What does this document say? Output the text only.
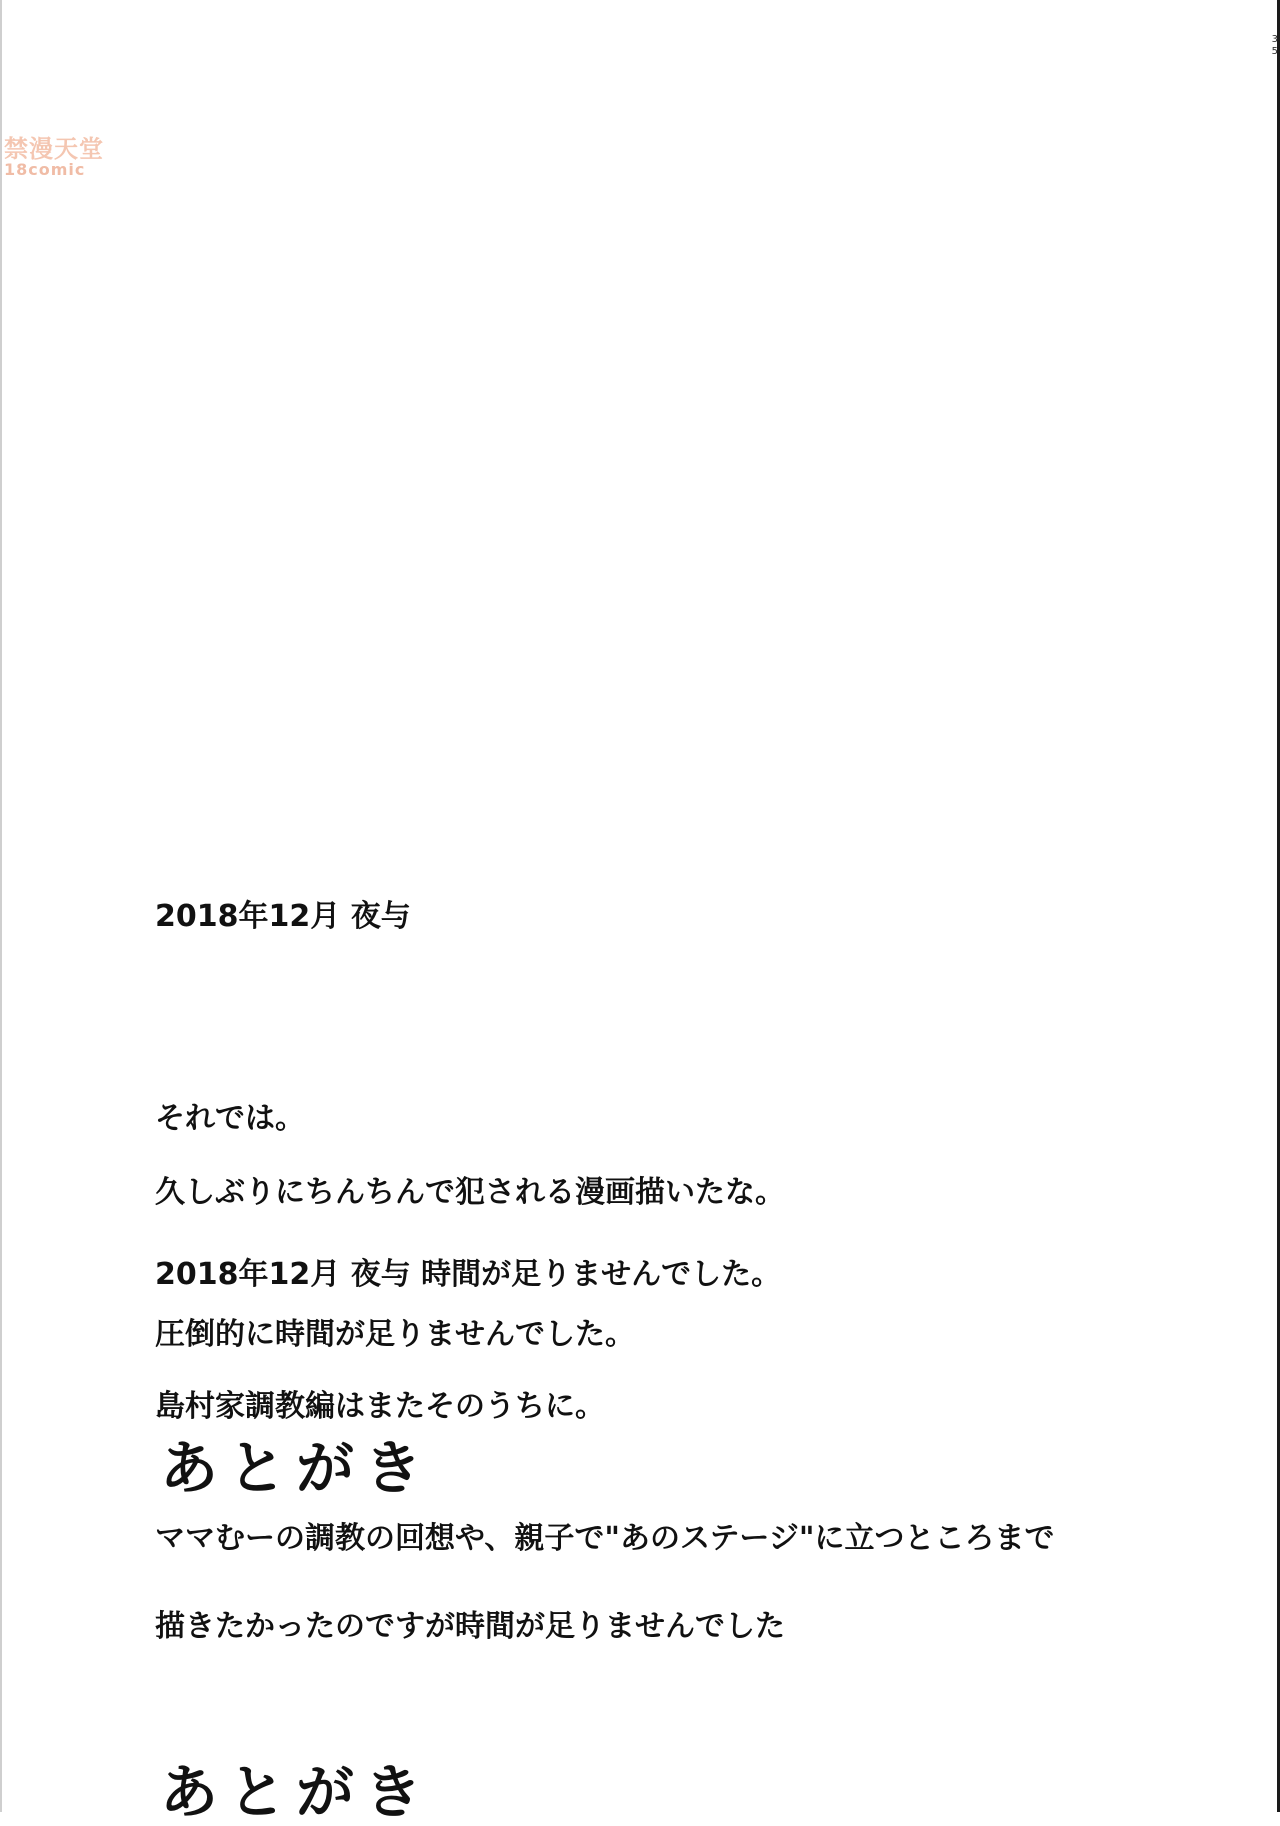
35
禁漫天堂
18comic
2018年12月 夜与
それでは。
久しぶりにちんちんで犯される漫画描いたな。
2018年12月 夜与 時間が足りませんでした。
圧倒的に時間が足りませんでした。
島村家調教編はまたそのうちに。
あとがき
ママむーの調教の回想や、親子で"あのステージ"に立つところまで
描きたかったのですが時間が足りませんでした
あとがき
